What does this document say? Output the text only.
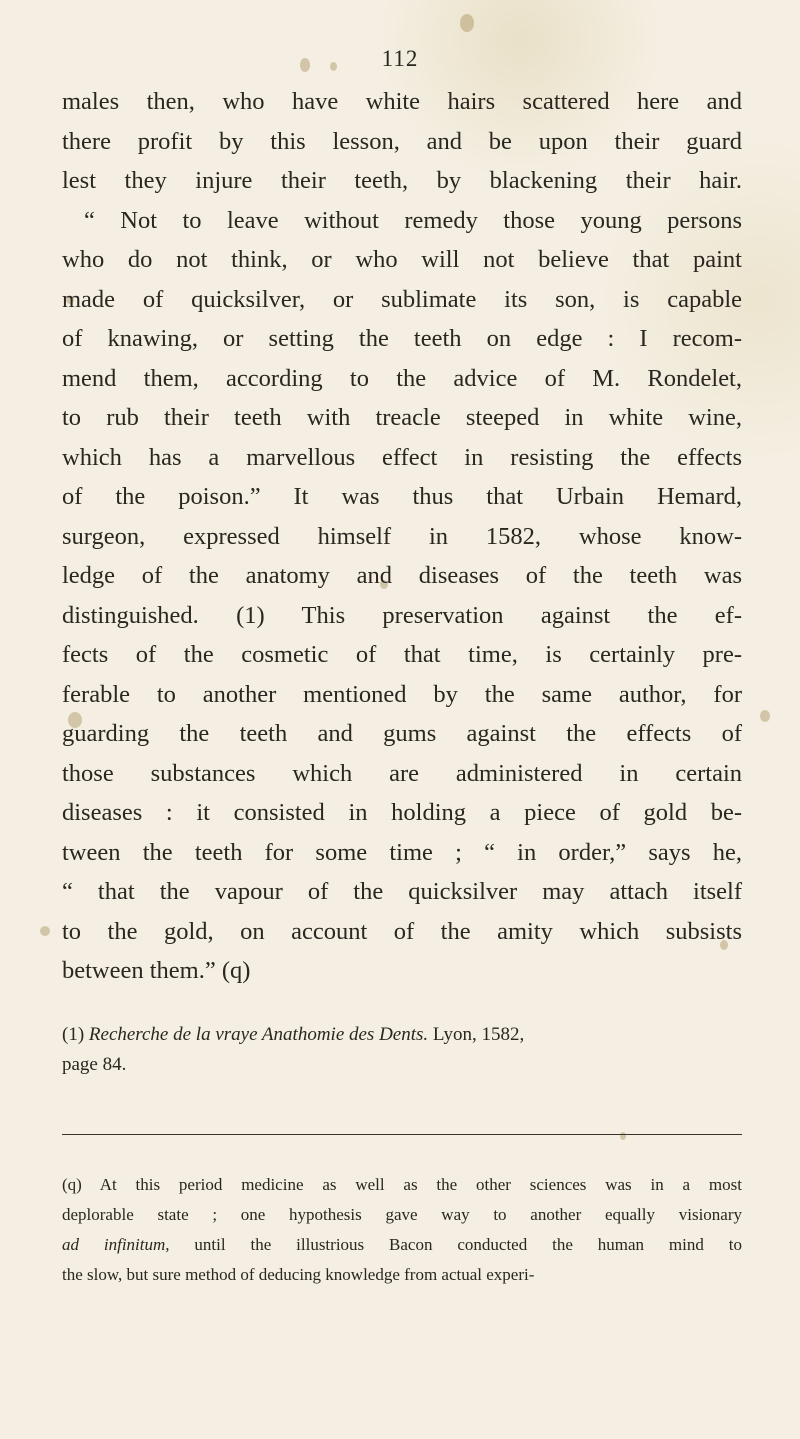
112
males then, who have white hairs scattered here and
there profit by this lesson, and be upon their guard
lest they injure their teeth, by blackening their hair.
“ Not to leave without remedy those young persons
who do not think, or who will not believe that paint
made of quicksilver, or sublimate its son, is capable
of knawing, or setting the teeth on edge : I recom-
mend them, according to the advice of M. Rondelet,
to rub their teeth with treacle steeped in white wine,
which has a marvellous effect in resisting the effects
of the poison.” It was thus that Urbain Hemard,
surgeon, expressed himself in 1582, whose know-
ledge of the anatomy and diseases of the teeth was
distinguished. (1) This preservation against the ef-
fects of the cosmetic of that time, is certainly pre-
ferable to another mentioned by the same author, for
guarding the teeth and gums against the effects of
those substances which are administered in certain
diseases : it consisted in holding a piece of gold be-
tween the teeth for some time ; “ in order,” says he,
“ that the vapour of the quicksilver may attach itself
to the gold, on account of the amity which subsists
between them.” (q)
(1) Recherche de la vraye Anathomie des Dents. Lyon, 1582,
page 84.
(q) At this period medicine as well as the other sciences was in a most
deplorable state ; one hypothesis gave way to another equally visionary
ad infinitum, until the illustrious Bacon conducted the human mind to
the slow, but sure method of deducing knowledge from actual experi-
